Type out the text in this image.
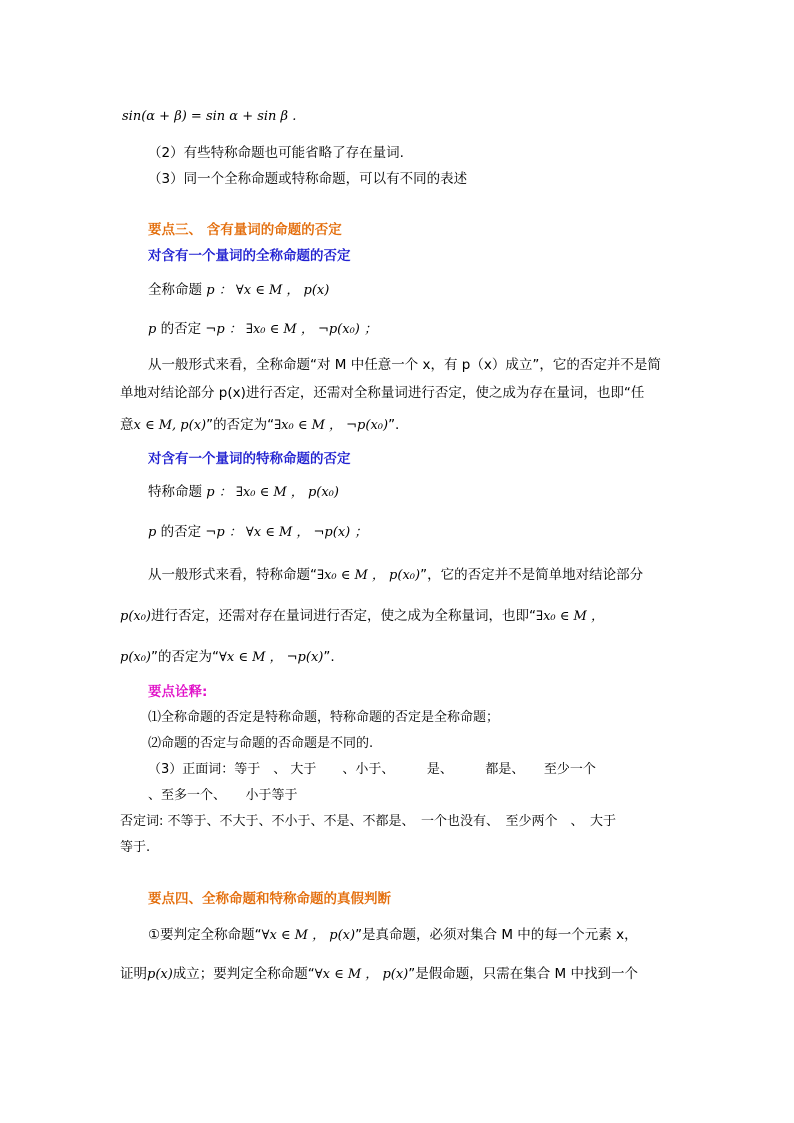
sin(α + β) = sin α + sin β .
（2）有些特称命题也可能省略了存在量词.
（3）同一个全称命题或特称命题，可以有不同的表述
要点三、 含有量词的命题的否定
对含有一个量词的全称命题的否定
全称命题 p ： ∀x ∈ M ， p(x)
p 的否定 ¬p ： ∃x₀ ∈ M ， ¬p(x₀) ；
从一般形式来看，全称命题“对 M 中任意一个 x，有 p（x）成立”，它的否定并不是简
单地对结论部分 p(x)进行否定，还需对全称量词进行否定，使之成为存在量词，也即“任
意x ∈ M, p(x)”的否定为“∃x₀ ∈ M ， ¬p(x₀)”.
对含有一个量词的特称命题的否定
特称命题 p ： ∃x₀ ∈ M ， p(x₀)
p 的否定 ¬p ： ∀x ∈ M ， ¬p(x) ；
从一般形式来看，特称命题“∃x₀ ∈ M ， p(x₀)”，它的否定并不是简单地对结论部分
p(x₀)进行否定，还需对存在量词进行否定，使之成为全称量词，也即“∃x₀ ∈ M ，
p(x₀)”的否定为“∀x ∈ M ， ¬p(x)”.
要点诠释:
⑴全称命题的否定是特称命题，特称命题的否定是全称命题；
⑵命题的否定与命题的否命题是不同的.
（3）正面词：等于　、 大于　　、小于、　　　是、　　　都是、　　至少一个
、至多一个、　　小于等于
否定词: 不等于、不大于、不小于、不是、不都是、　一个也没有、　至少两个　、　大于
等于.
要点四、全称命题和特称命题的真假判断
①要判定全称命题“∀x ∈ M ， p(x)”是真命题，必须对集合 M 中的每一个元素 x，
证明p(x)成立；要判定全称命题“∀x ∈ M ， p(x)”是假命题，只需在集合 M 中找到一个
